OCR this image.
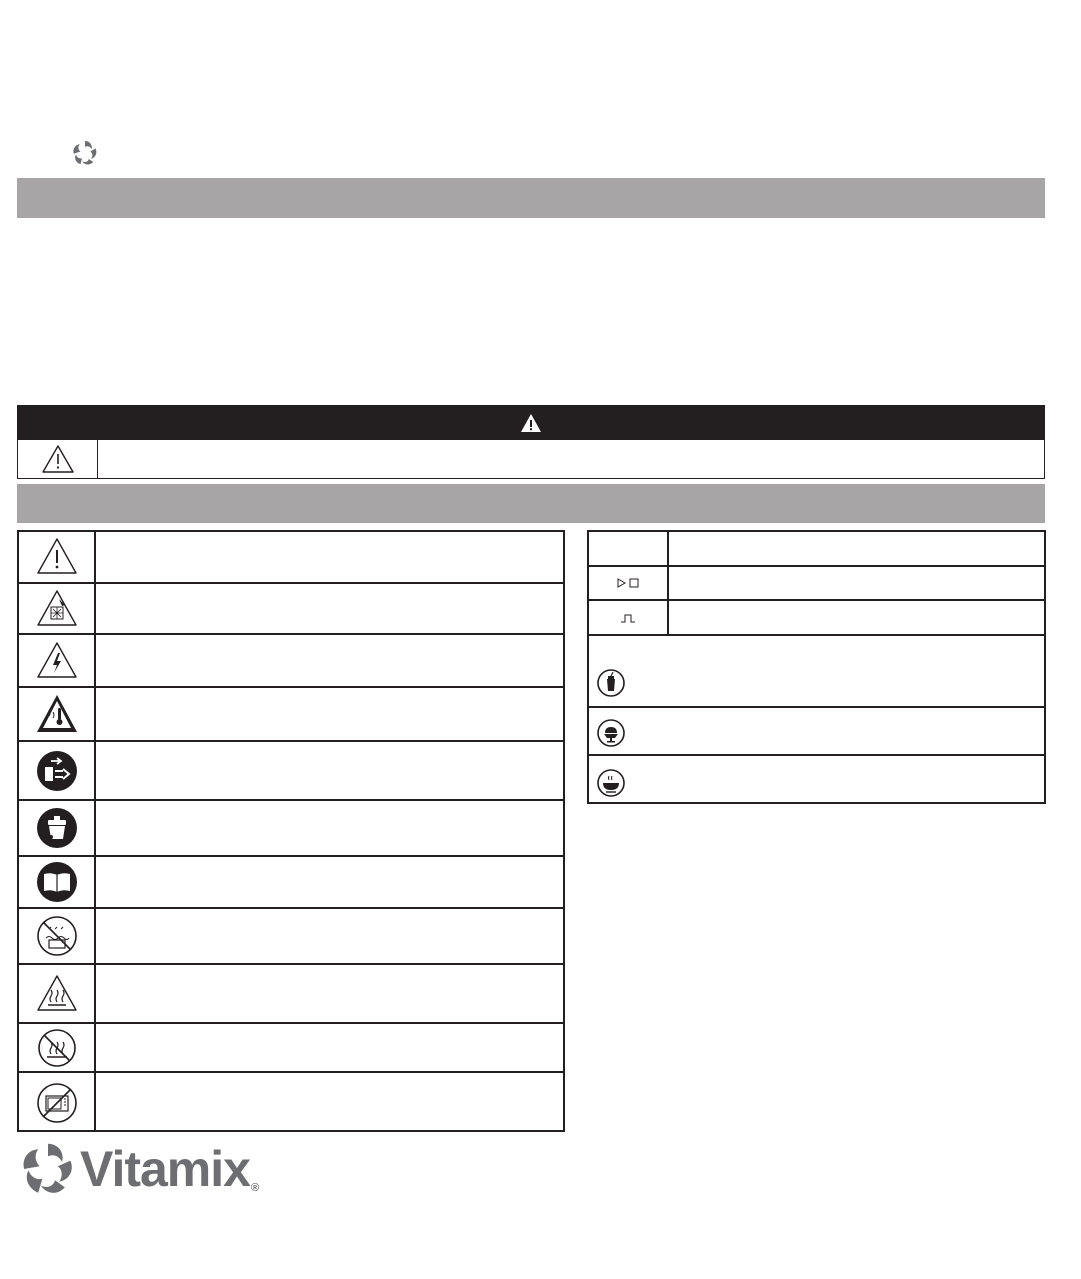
Vitamix®
